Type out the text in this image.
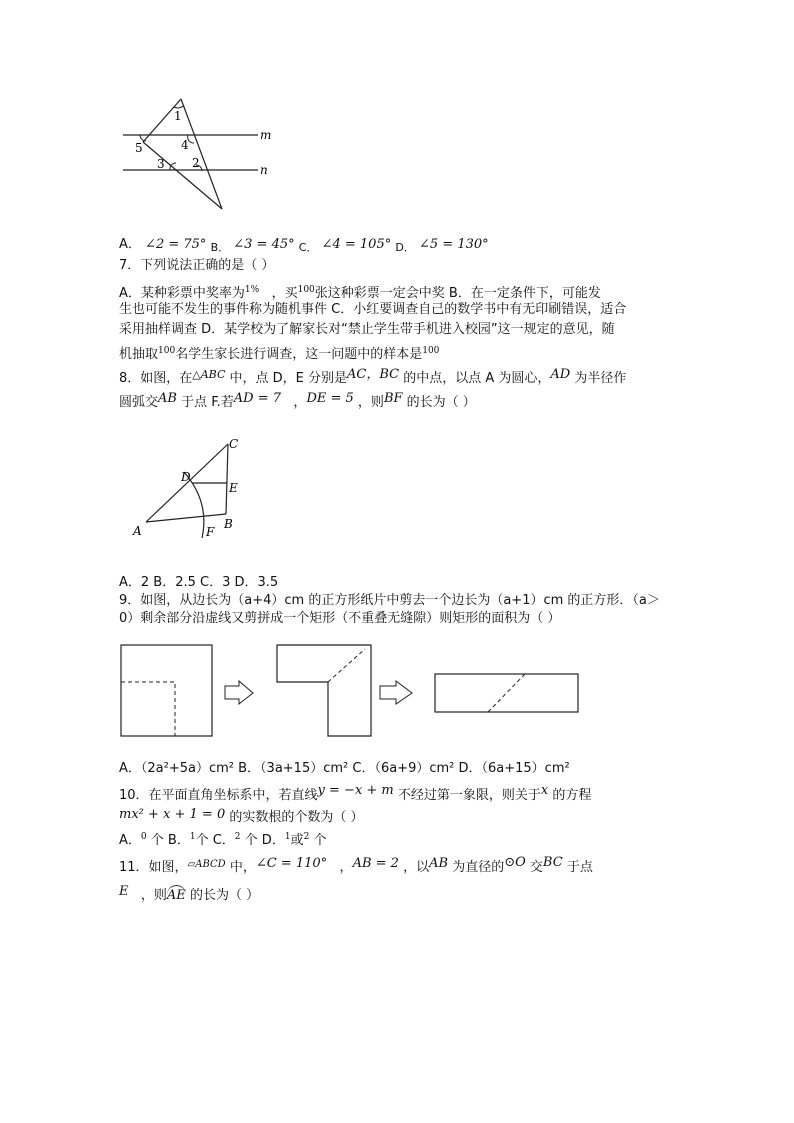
1
4
5
3 2
m
n
A． ∠2 = 75° $_{B.}$ ∠3 = 45° $_{C.}$ ∠4 = 105° $_{D.}$ ∠5 = 130°
7．下列说法正确的是（ ）
A．某种彩票中奖率为$^{1\%}$ ，买$^{100}$张这种彩票一定会中奖 B．在一定条件下，可能发
生也可能不发生的事件称为随机事件 C．小红要调查自己的数学书中有无印刷错误，适合
采用抽样调查 D．某学校为了解家长对“禁止学生带手机进入校园”这一规定的意见，随
机抽取$^{100}$名学生家长进行调查，这一问题中的样本是$^{100}$
8．如图，在$^{\triangle ABC}$ 中，点 D，E 分别是AC，BC 的中点，以点 A 为圆心，AD 为半径作
圆弧交AB 于点 F.若AD = 7 ，DE = 5 ，则BF 的长为（ ）
C
D
E
A	F
B
A．2 B．2.5 C．3 D．3.5
9．如图，从边长为（a+4）cm 的正方形纸片中剪去一个边长为（a+1）cm 的正方形．（a＞
0）剩余部分沿虚线又剪拼成一个矩形（不重叠无缝隙）则矩形的面积为（ ）
A．（2a²+5a）cm² B．（3a+15）cm² C．（6a+9）cm² D．（6a+15）cm²
10．在平面直角坐标系中，若直线y = −x + m 不经过第一象限，则关于x 的方程
mx² + x + 1 = 0 的实数根的个数为（ ）
A．$^0$ 个 B．$^1$个 C．$^2$ 个 D．$^1$或$^2$ 个
11．如图，$^{▱ABCD}$ 中，∠C = 110° ，AB = 2 ，以AB 为直径的⊙O 交BC 于点
E ，则AE 的长为（ ）
